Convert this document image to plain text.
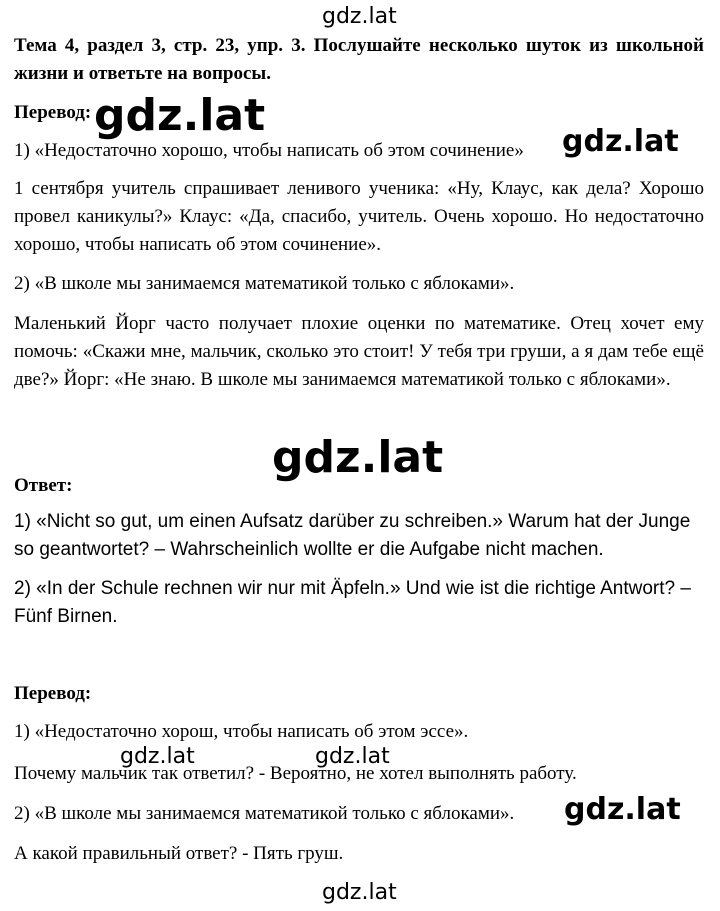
gdz.lat

Тема 4, раздел 3, стр. 23, упр. 3. Послушайте несколько шуток из школьной жизни и ответьте на вопросы.

Перевод: gdz.lat

1) «Недостаточно хорошо, чтобы написать об этом сочинение»	gdz.lat

1 сентября учитель спрашивает ленивого ученика: «Ну, Клаус, как дела? Хорошо провел каникулы?» Клаус: «Да, спасибо, учитель. Очень хорошо. Но недостаточно хорошо, чтобы написать об этом сочинение».

2) «В школе мы занимаемся математикой только с яблоками».

Маленький Йорг часто получает плохие оценки по математике. Отец хочет ему помочь: «Скажи мне, мальчик, сколько это стоит! У тебя три груши, а я дам тебе ещё две?» Йорг: «Не знаю. В школе мы занимаемся математикой только с яблоками».

gdz.lat

Ответ:

1) «Nicht so gut, um einen Aufsatz darüber zu schreiben.» Warum hat der Junge so geantwortet? – Wahrscheinlich wollte er die Aufgabe nicht machen.

2) «In der Schule rechnen wir nur mit Äpfeln.» Und wie ist die richtige Antwort? – Fünf Birnen.

Перевод:

1) «Недостаточно хорош, чтобы написать об этом эссе».

gdz.lat	gdz.lat

Почему мальчик так ответил? - Вероятно, не хотел выполнять работу.

2) «В школе мы занимаемся математикой только с яблоками».	gdz.lat

А какой правильный ответ? - Пять груш.

gdz.lat
